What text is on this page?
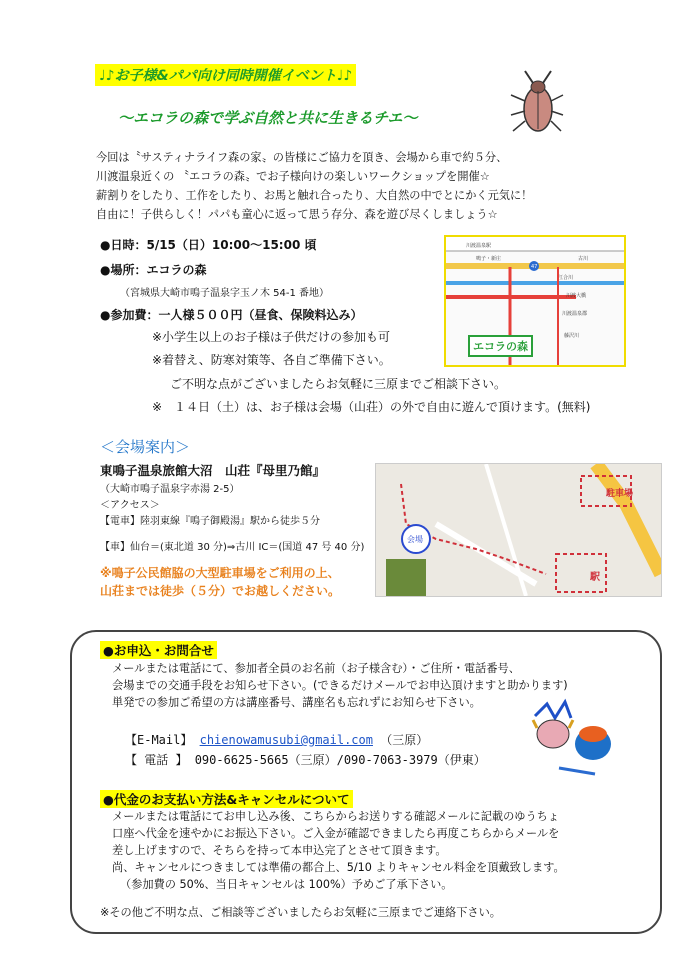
♩♪お子様&パパ向け同時開催イベント♩♪
～エコラの森で学ぶ自然と共に生きるチエ～
今回は〝サスティナライフ森の家〟の皆様にご協力を頂き、会場から車で約５分、
川渡温泉近くの 〝エコラの森〟でお子様向けの楽しいワークショップを開催☆
薪割りをしたり、工作をしたり、お馬と触れ合ったり、大自然の中でとにかく元気に！
自由に！子供らしく！パパも童心に返って思う存分、森を遊び尽くしましょう☆
●日時：5/15（日）10:00～15:00 頃
●場所：エコラの森
（宮城県大崎市鳴子温泉字玉ノ木 54-1 番地）
●参加費：一人様５００円（昼食、保険料込み）
※小学生以上のお子様は子供だけの参加も可
※着替え、防寒対策等、各自ご準備下さい。
ご不明な点がございましたらお気軽に三原までご相談下さい。
※　１４日（土）は、お子様は会場（山荘）の外で自由に遊んで頂けます。(無料)
川渡温泉駅
鳴子・新庄	古川
江合川
川渡大橋
川渡温泉郡
藤沢川
47
エコラの森
＜会場案内＞
東鳴子温泉旅館大沼　山荘『母里乃館』
（大崎市鳴子温泉字赤湯 2-5）
＜アクセス＞
【電車】陸羽東線『鳴子御殿湯』駅から徒歩５分
【車】仙台＝(東北道 30 分)⇒古川 IC＝(国道 47 号 40 分)
※鳴子公民館脇の大型駐車場をご利用の上、
山荘までは徒歩（５分）でお越しください。
駐車場
会場
駅
●お申込・お問合せ
メールまたは電話にて、参加者全員のお名前（お子様含む）・ご住所・電話番号、
会場までの交通手段をお知らせ下さい。(できるだけメールでお申込頂けますと助かります)
単発での参加ご希望の方は講座番号、講座名も忘れずにお知らせ下さい。
【E-Mail】 chienowamusubi@gmail.com （三原）
【 電話 】 090-6625-5665（三原）/090-7063-3979（伊東）
●代金のお支払い方法&キャンセルについて
メールまたは電話にてお申し込み後、こちらからお送りする確認メールに記載のゆうちょ
口座へ代金を速やかにお振込下さい。ご入金が確認できましたら再度こちらからメールを
差し上げますので、そちらを持って本申込完了とさせて頂きます。
尚、キャンセルにつきましては準備の都合上、5/10 よりキャンセル料金を頂戴致します。
（参加費の 50%、当日キャンセルは 100%）予めご了承下さい。
※その他ご不明な点、ご相談等ございましたらお気軽に三原までご連絡下さい。
